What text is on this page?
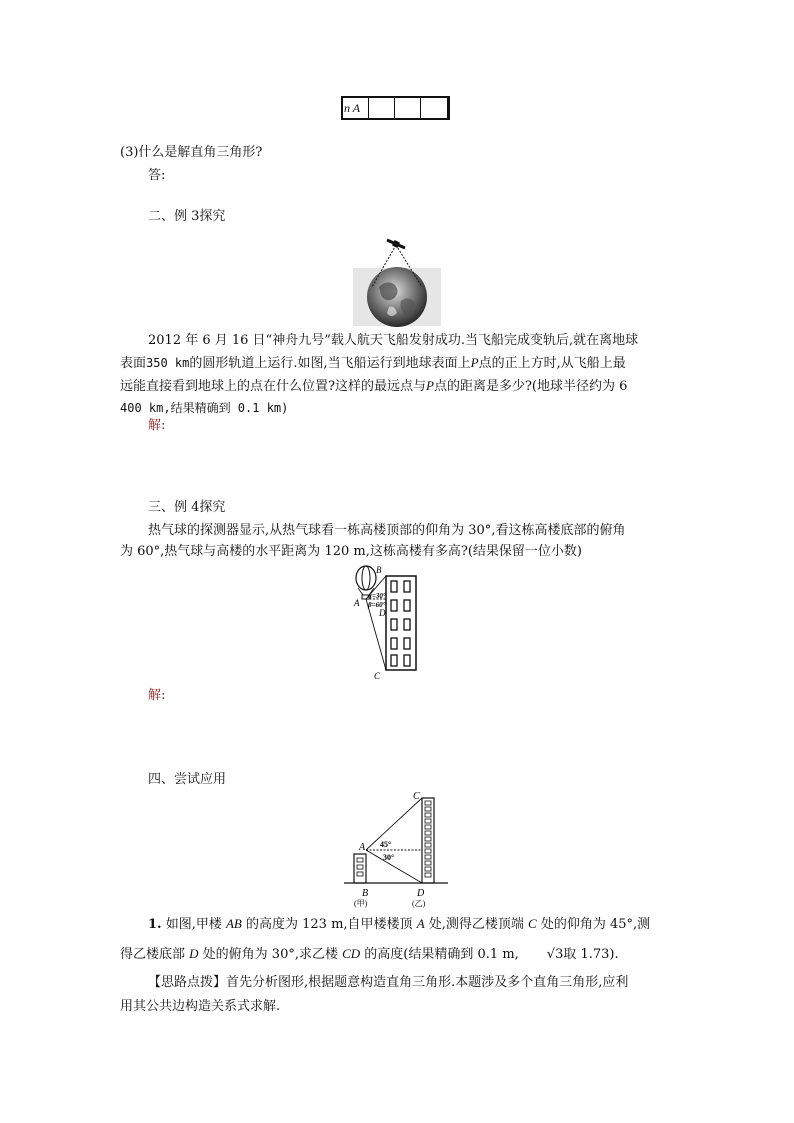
n A
(3)什么是解直角三角形?
答:
二、例 3探究
2012 年 6 月 16 日“神舟九号”载人航天飞船发射成功.当飞船完成变轨后,就在离地球
表面350 km的圆形轨道上运行.如图,当飞船运行到地球表面上P点的正上方时,从飞船上最
远能直接看到地球上的点在什么位置?这样的最远点与P点的距离是多少?(地球半径约为 6
400 km,结果精确到 0.1 km)
解:
三、例 4探究
热气球的探测器显示,从热气球看一栋高楼顶部的仰角为 30°,看这栋高楼底部的俯角
为 60°,热气球与高楼的水平距离为 120 m,这栋高楼有多高?(结果保留一位小数)
A
B
C
D
α=30°
β=60°
解:
四、尝试应用
A
B
C
D
45°
30°
(甲)	(乙)
1. 如图,甲楼 AB 的高度为 123 m,自甲楼楼顶 A 处,测得乙楼顶端 C 处的仰角为 45°,测
得乙楼底部 D 处的俯角为 30°,求乙楼 CD 的高度(结果精确到 0.1 m, √3取 1.73).
【思路点拨】首先分析图形,根据题意构造直角三角形.本题涉及多个直角三角形,应利
用其公共边构造关系式求解.
